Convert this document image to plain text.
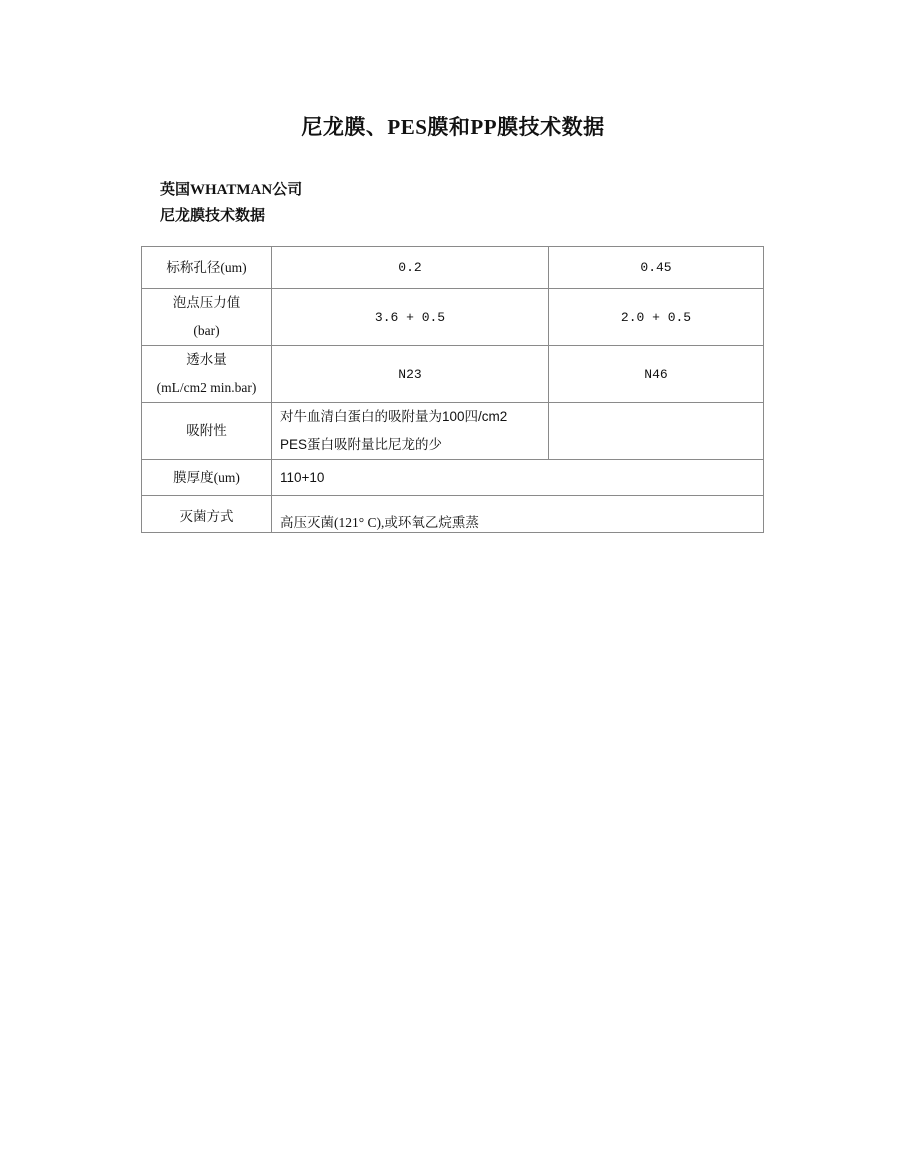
尼龙膜、PES膜和PP膜技术数据
英国WHATMAN公司
尼龙膜技术数据
标称孔径(um)	0.2	0.45

泡点压力值
(bar)	3.6 + 0.5	2.0 + 0.5

透水量
(mL/cm2 min.bar)	N23	N46
吸附性	对牛血清白蛋白的吸附量为100四/cm2
PES蛋白吸附量比尼龙的少	

膜厚度(um)	110+10	
灭菌方式	高压灭菌(121° C),或环氧乙烷熏蒸	
